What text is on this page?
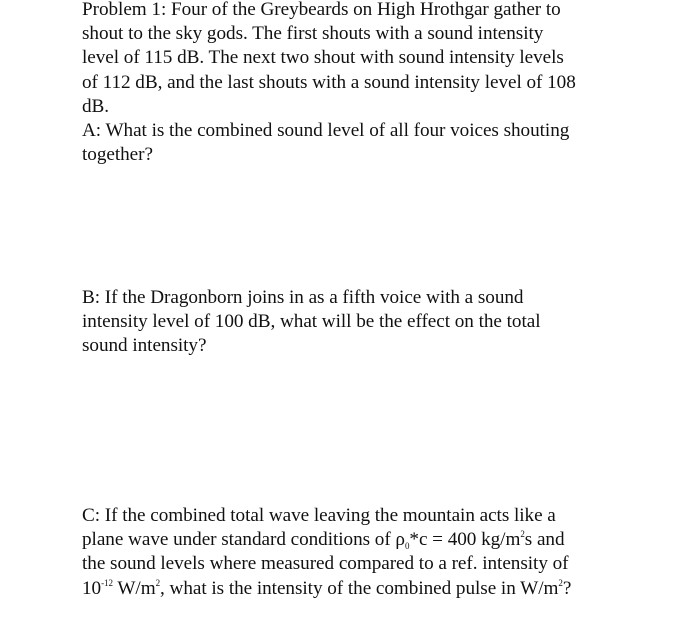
Problem 1: Four of the Greybeards on High Hrothgar gather to
shout to the sky gods. The first shouts with a sound intensity
level of 115 dB. The next two shout with sound intensity levels
of 112 dB, and the last shouts with a sound intensity level of 108
dB.
A: What is the combined sound level of all four voices shouting
together?
B: If the Dragonborn joins in as a fifth voice with a sound
intensity level of 100 dB, what will be the effect on the total
sound intensity?
C: If the combined total wave leaving the mountain acts like a
plane wave under standard conditions of $\rho_0*c = 400$ $kg/m^2s$ and
the sound levels where measured compared to a ref. intensity of
$10^{-12}$ $W/m^2$, what is the intensity of the combined pulse in $W/m^2$?
